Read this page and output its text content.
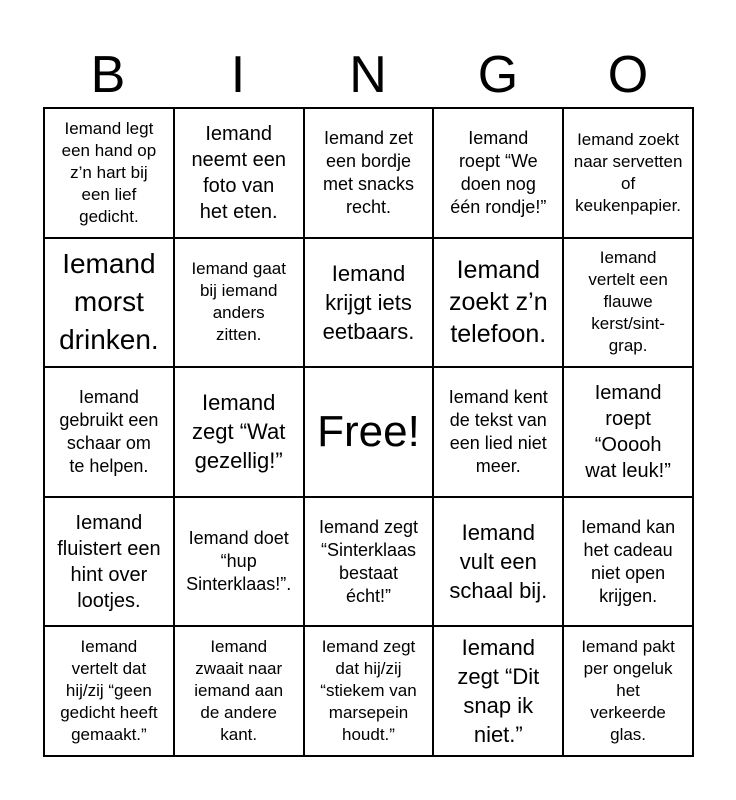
B	I	N	G	O
Iemand legt
een hand op
z’n hart bij
een lief
gedicht.
Iemand
neemt een
foto van
het eten.
Iemand zet
een bordje
met snacks
recht.
Iemand
roept “We
doen nog
één rondje!”
Iemand zoekt
naar servetten
of
keukenpapier.
Iemand
morst
drinken.
Iemand gaat
bij iemand
anders
zitten.
Iemand
krijgt iets
eetbaars.
Iemand
zoekt z’n
telefoon.
Iemand
vertelt een
flauwe
kerst/sint-
grap.
Iemand
gebruikt een
schaar om
te helpen.
Iemand
zegt “Wat
gezellig!”
Free!
Iemand kent
de tekst van
een lied niet
meer.
Iemand
roept
“Ooooh
wat leuk!”
Iemand
fluistert een
hint over
lootjes.
Iemand doet
“hup
Sinterklaas!”.
Iemand zegt
“Sinterklaas
bestaat
écht!”
Iemand
vult een
schaal bij.
Iemand kan
het cadeau
niet open
krijgen.
Iemand
vertelt dat
hij/zij “geen
gedicht heeft
gemaakt.”
Iemand
zwaait naar
iemand aan
de andere
kant.
Iemand zegt
dat hij/zij
“stiekem van
marsepein
houdt.”
Iemand
zegt “Dit
snap ik
niet.”
Iemand pakt
per ongeluk
het
verkeerde
glas.
